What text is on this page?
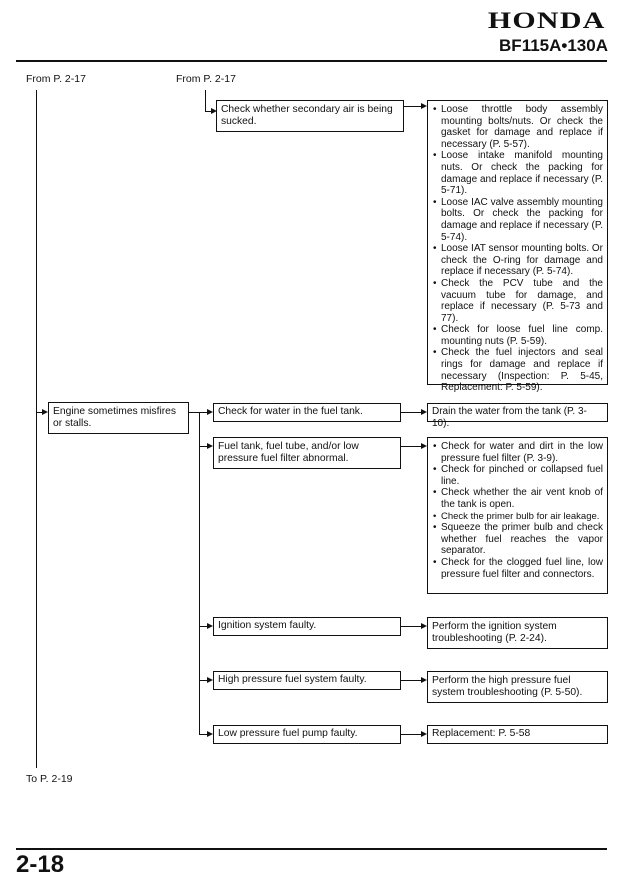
HONDA
BF115A•130A
From P. 2-17	From P. 2-17
To P. 2-19
Check whether secondary air is being sucked.
• Loose throttle body assembly mounting bolts/nuts. Or check the gasket for damage and replace if necessary (P. 5-57).
• Loose intake manifold mounting nuts. Or check the packing for damage and replace if necessary (P. 5-71).
• Loose IAC valve assembly mounting bolts. Or check the packing for damage and replace if necessary (P. 5-74).
• Loose IAT sensor mounting bolts. Or check the O-ring for damage and replace if necessary (P. 5-74).
• Check the PCV tube and the vacuum tube for damage, and replace if necessary (P. 5-73 and 77).
• Check for loose fuel line comp. mounting nuts (P. 5-59).
• Check the fuel injectors and seal rings for damage and replace if necessary (Inspection: P. 5-45, Replacement: P. 5-59).
Engine sometimes misfires or stalls.
Check for water in the fuel tank.	Drain the water from the tank (P. 3-10).
Fuel tank, fuel tube, and/or low pressure fuel filter abnormal.
• Check for water and dirt in the low pressure fuel filter (P. 3-9).
• Check for pinched or collapsed fuel line.
• Check whether the air vent knob of the tank is open.
• Check the primer bulb for air leakage.
• Squeeze the primer bulb and check whether fuel reaches the vapor separator.
• Check for the clogged fuel line, low pressure fuel filter and connectors.
Ignition system faulty.	Perform the ignition system troubleshooting (P. 2-24).
High pressure fuel system faulty.	Perform the high pressure fuel system troubleshooting (P. 5-50).
Low pressure fuel pump faulty.	Replacement: P. 5-58
2-18
